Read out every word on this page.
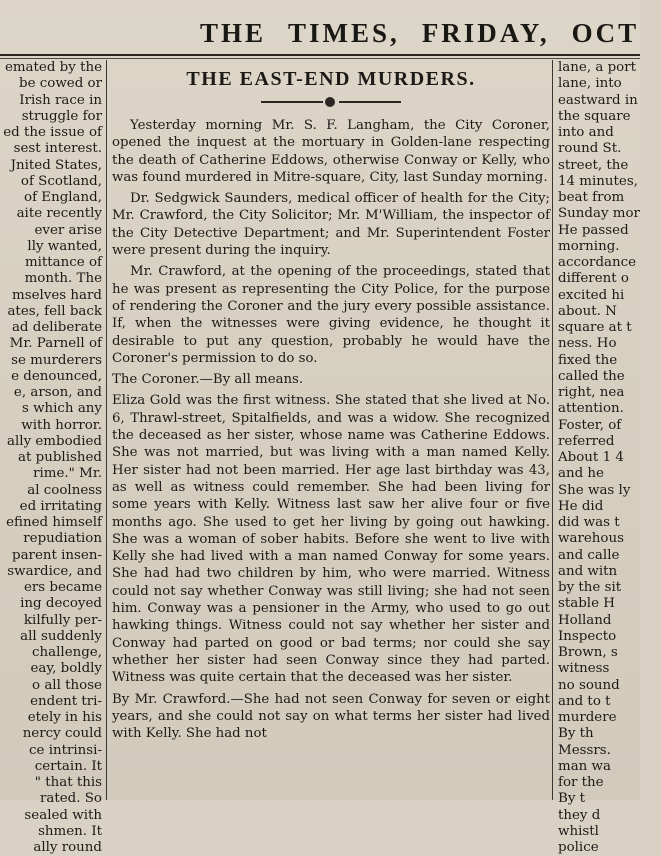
THE TIMES, FRIDAY, OCT
emated by the
be cowed or
Irish race in
struggle for
ed the issue of
sest interest.
Jnited States,
of Scotland,
of England,
aite recently
ever arise
lly wanted,
mittance of
month. The
mselves hard
ates, fell back
ad deliberate
Mr. Parnell of
se murderers
e denounced,
e, arson, and
s which any
with horror.
ally embodied
at published
rime." Mr.
al coolness
ed irritating
efined himself
repudiation
parent insen-
swardice, and
ers became
ing decoyed
kilfully per-
all suddenly
challenge,
eay, boldly
o all those
endent tri-
etely in his
nercy could
ce intrinsi-
certain. It
" that this
rated. So
sealed with
shmen. It
ally round
THE EAST-END MURDERS.

Yesterday morning Mr. S. F. Langham, the City Coroner, opened the inquest at the mortuary in Golden-lane respecting the death of Catherine Eddows, otherwise Conway or Kelly, who was found murdered in Mitre-square, City, last Sunday morning.

Dr. Sedgwick Saunders, medical officer of health for the City; Mr. Crawford, the City Solicitor; Mr. M'William, the inspector of the City Detective Department; and Mr. Superintendent Foster were present during the inquiry.

Mr. Crawford, at the opening of the proceedings, stated that he was present as representing the City Police, for the purpose of rendering the Coroner and the jury every possible assistance. If, when the witnesses were giving evidence, he thought it desirable to put any question, probably he would have the Coroner's permission to do so.

The Coroner.—By all means.

Eliza Gold was the first witness. She stated that she lived at No. 6, Thrawl-street, Spitalfields, and was a widow. She recognized the deceased as her sister, whose name was Catherine Eddows. She was not married, but was living with a man named Kelly. Her sister had not been married. Her age last birthday was 43, as well as witness could remember. She had been living for some years with Kelly. Witness last saw her alive four or five months ago. She used to get her living by going out hawking. She was a woman of sober habits. Before she went to live with Kelly she had lived with a man named Conway for some years. She had had two children by him, who were married. Witness could not say whether Conway was still living; she had not seen him. Conway was a pensioner in the Army, who used to go out hawking things. Witness could not say whether her sister and Conway had parted on good or bad terms; nor could she say whether her sister had seen Conway since they had parted. Witness was quite certain that the deceased was her sister.

By Mr. Crawford.—She had not seen Conway for seven or eight years, and she could not say on what terms her sister had lived with Kelly. She had not

lane, a port
lane, into
eastward in
the square
into and
round St.
street, the
14 minutes,
beat from
Sunday mor
He passed
morning.
accordance
different o
excited hi
about. N
square at t
ness. Ho
fixed the
called the
right, nea
attention.
Foster, of
referred
About 1 4
and he
She was ly
He did
did was t
warehous
and calle
and witn
by the sit
stable H
Holland
Inspecto
Brown, s
witness
no sound
and to t
murdere
By th
Messrs.
man wa
for the
By t
they d
whistl
police
